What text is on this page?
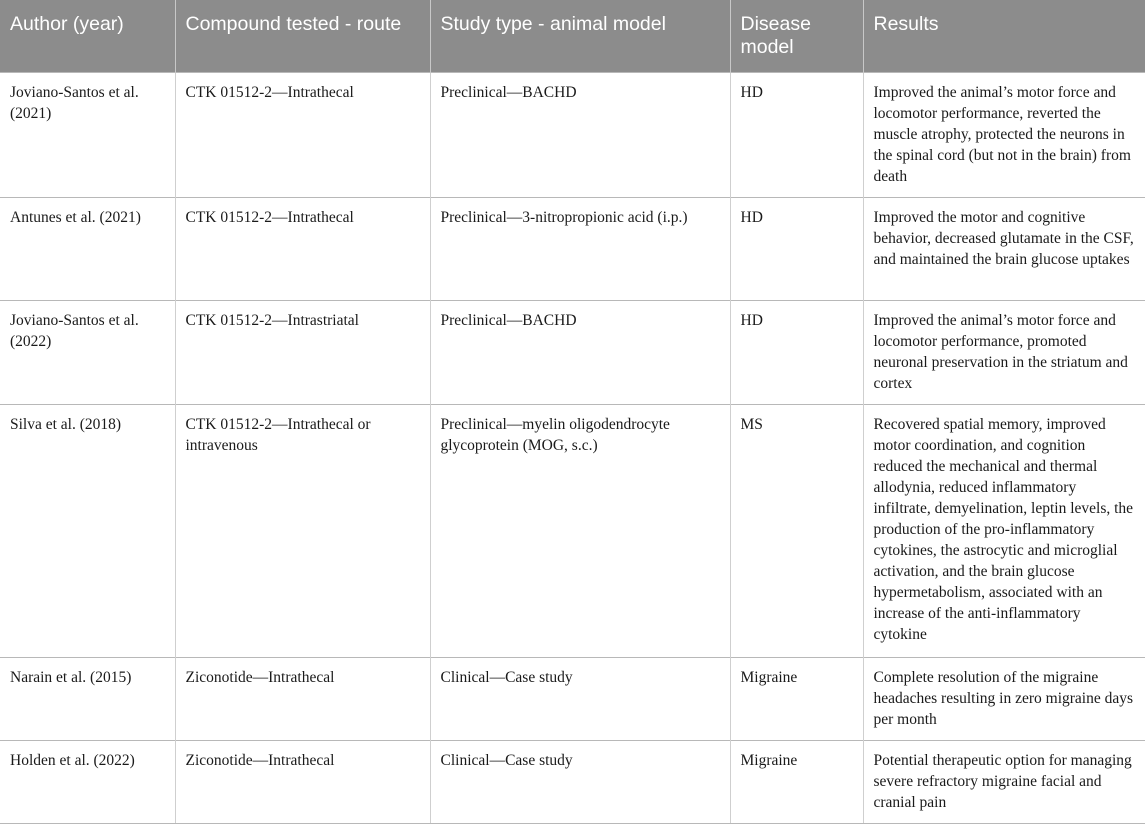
Author (year)	Compound tested - route	Study type - animal model	Disease model	Results
Joviano-Santos et al. (2021)	CTK 01512-2—Intrathecal	Preclinical—BACHD	HD	Improved the animal’s motor force and locomotor performance, reverted the muscle atrophy, protected the neurons in the spinal cord (but not in the brain) from death
Antunes et al. (2021)	CTK 01512-2—Intrathecal	Preclinical—3-nitropropionic acid (i.p.)	HD	Improved the motor and cognitive behavior, decreased glutamate in the CSF, and maintained the brain glucose uptakes
Joviano-Santos et al. (2022)	CTK 01512-2—Intrastriatal	Preclinical—BACHD	HD	Improved the animal’s motor force and locomotor performance, promoted neuronal preservation in the striatum and cortex
Silva et al. (2018)	CTK 01512-2—Intrathecal or intravenous	Preclinical—myelin oligodendrocyte glycoprotein (MOG, s.c.)	MS	Recovered spatial memory, improved motor coordination, and cognition reduced the mechanical and thermal allodynia, reduced inflammatory infiltrate, demyelination, leptin levels, the production of the pro-inflammatory cytokines, the astrocytic and microglial activation, and the brain glucose hypermetabolism, associated with an increase of the anti-inflammatory cytokine
Narain et al. (2015)	Ziconotide—Intrathecal	Clinical—Case study	Migraine	Complete resolution of the migraine headaches resulting in zero migraine days per month
Holden et al. (2022)	Ziconotide—Intrathecal	Clinical—Case study	Migraine	Potential therapeutic option for managing severe refractory migraine facial and cranial pain
